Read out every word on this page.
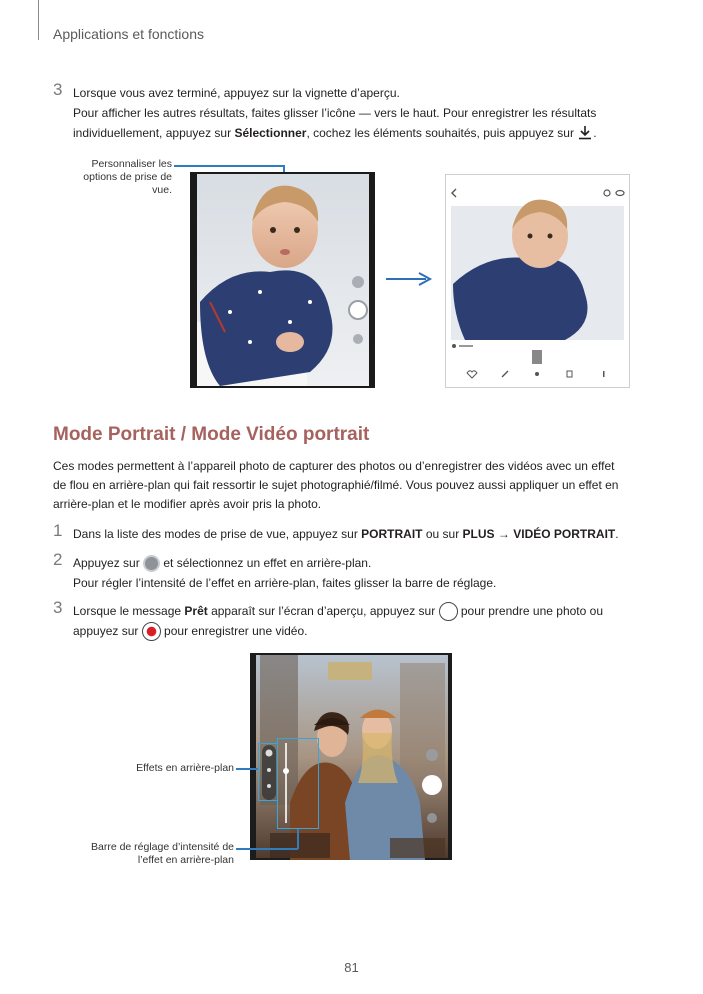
Applications et fonctions
3 Lorsque vous avez terminé, appuyez sur la vignette d’aperçu.
Pour afficher les autres résultats, faites glisser l’icône — vers le haut. Pour enregistrer les résultats
individuellement, appuyez sur Sélectionner, cochez les éléments souhaités, puis appuyez sur .
Personnaliser les options de prise de vue.
Mode Portrait / Mode Vidéo portrait
Ces modes permettent à l’appareil photo de capturer des photos ou d’enregistrer des vidéos avec un effet
de flou en arrière-plan qui fait ressortir le sujet photographié/filmé. Vous pouvez aussi appliquer un effet en
arrière-plan et le modifier après avoir pris la photo.
1 Dans la liste des modes de prise de vue, appuyez sur PORTRAIT ou sur PLUS → VIDÉO PORTRAIT.
2 Appuyez sur  et sélectionnez un effet en arrière-plan.
Pour régler l’intensité de l’effet en arrière-plan, faites glisser la barre de réglage.
3 Lorsque le message Prêt apparaît sur l’écran d’aperçu, appuyez sur  pour prendre une photo ou
appuyez sur  pour enregistrer une vidéo.
Effets en arrière-plan
Barre de réglage d’intensité de
l’effet en arrière-plan
81
